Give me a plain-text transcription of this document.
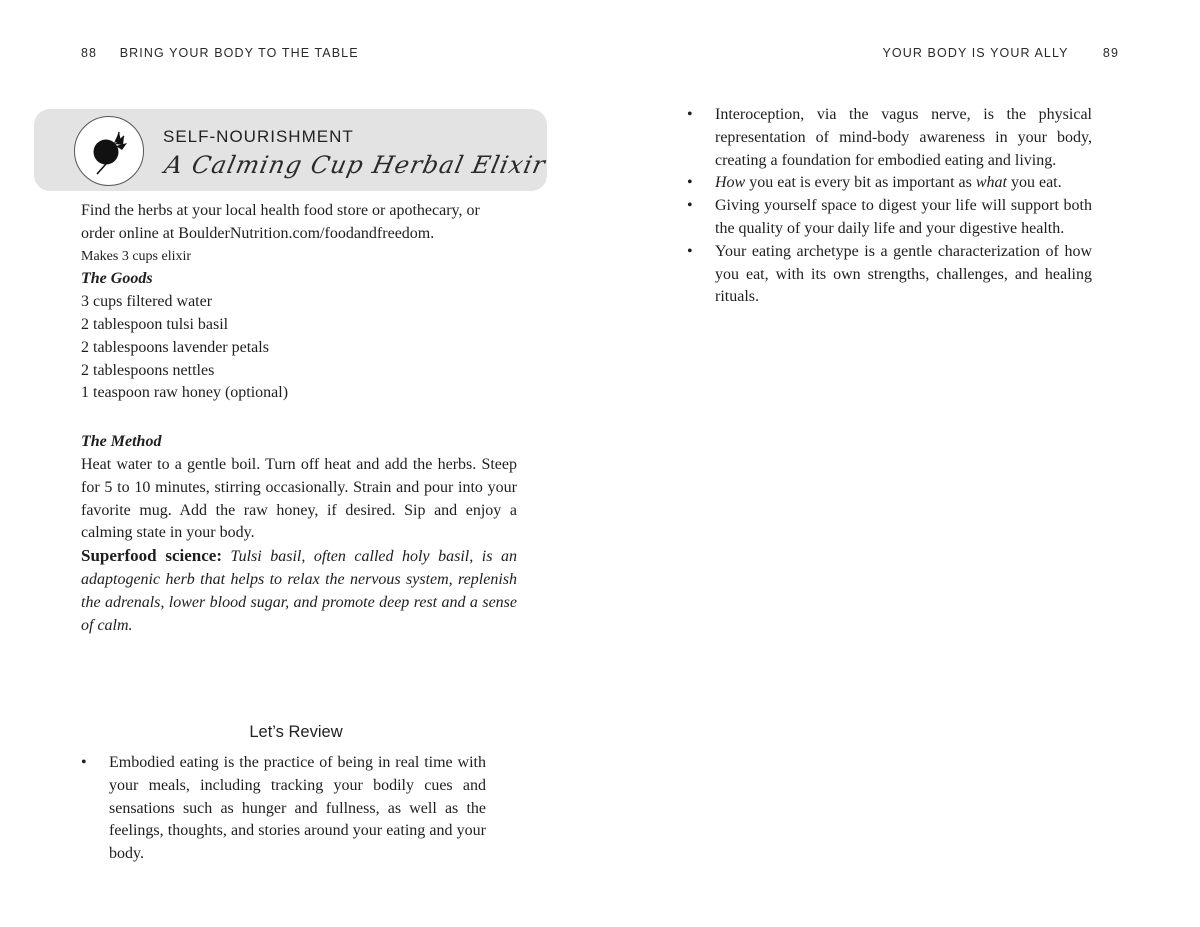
88 BRING YOUR BODY TO THE TABLE	YOUR BODY IS YOUR ALLY	89
SELF-NOURISHMENT
A Calming Cup Herbal Elixir

Find the herbs at your local health food store or apothecary, or order online at BoulderNutrition.com/foodandfreedom.

Makes 3 cups elixir

The Goods

3 cups filtered water
2 tablespoon tulsi basil
2 tablespoons lavender petals
2 tablespoons nettles
1 teaspoon raw honey (optional)

The Method

Heat water to a gentle boil. Turn off heat and add the herbs. Steep for 5 to 10 minutes, stirring occasionally. Strain and pour into your favorite mug. Add the raw honey, if desired. Sip and enjoy a calming state in your body.

Superfood science: Tulsi basil, often called holy basil, is an adaptogenic herb that helps to relax the nervous system, replenish the adrenals, lower blood sugar, and promote deep rest and a sense of calm.

Let’s Review
• Embodied eating is the practice of being in real time with your meals, including tracking your bodily cues and sensations such as hunger and fullness, as well as the feelings, thoughts, and stories around your eating and your body.
• Interoception, via the vagus nerve, is the physical representation of mind-body awareness in your body, creating a foundation for embodied eating and living.
• How you eat is every bit as important as what you eat.
• Giving yourself space to digest your life will support both the quality of your daily life and your digestive health.
• Your eating archetype is a gentle characterization of how you eat, with its own strengths, challenges, and healing rituals.
